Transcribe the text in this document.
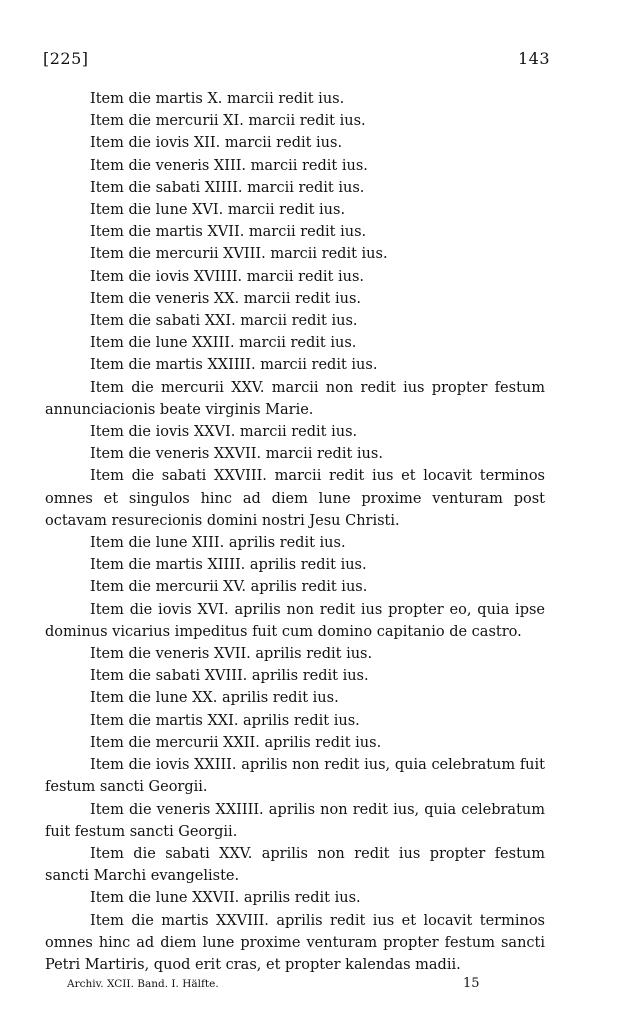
[225]	143

Item die martis X. marcii redit ius.

Item die mercurii XI. marcii redit ius.

Item die iovis XII. marcii redit ius.

Item die veneris XIII. marcii redit ius.

Item die sabati XIIII. marcii redit ius.

Item die lune XVI. marcii redit ius.

Item die martis XVII. marcii redit ius.

Item die mercurii XVIII. marcii redit ius.

Item die iovis XVIIII. marcii redit ius.

Item die veneris XX. marcii redit ius.

Item die sabati XXI. marcii redit ius.

Item die lune XXIII. marcii redit ius.

Item die martis XXIIII. marcii redit ius.

Item die mercurii XXV. marcii non redit ius propter festum annunciacionis beate virginis Marie.

Item die iovis XXVI. marcii redit ius.

Item die veneris XXVII. marcii redit ius.

Item die sabati XXVIII. marcii redit ius et locavit terminos omnes et singulos hinc ad diem lune proxime venturam post octavam resurecionis domini nostri Jesu Christi.

Item die lune XIII. aprilis redit ius.

Item die martis XIIII. aprilis redit ius.

Item die mercurii XV. aprilis redit ius.

Item die iovis XVI. aprilis non redit ius propter eo, quia ipse dominus vicarius impeditus fuit cum domino capitanio de castro.

Item die veneris XVII. aprilis redit ius.

Item die sabati XVIII. aprilis redit ius.

Item die lune XX. aprilis redit ius.

Item die martis XXI. aprilis redit ius.

Item die mercurii XXII. aprilis redit ius.

Item die iovis XXIII. aprilis non redit ius, quia celebratum fuit festum sancti Georgii.

Item die veneris XXIIII. aprilis non redit ius, quia celebratum fuit festum sancti Georgii.

Item die sabati XXV. aprilis non redit ius propter festum sancti Marchi evangeliste.

Item die lune XXVII. aprilis redit ius.

Item die martis XXVIII. aprilis redit ius et locavit terminos omnes hinc ad diem lune proxime venturam propter festum sancti Petri Martiris, quod erit cras, et propter kalendas madii.

Archiv. XCII. Band. I. Hälfte.	15
